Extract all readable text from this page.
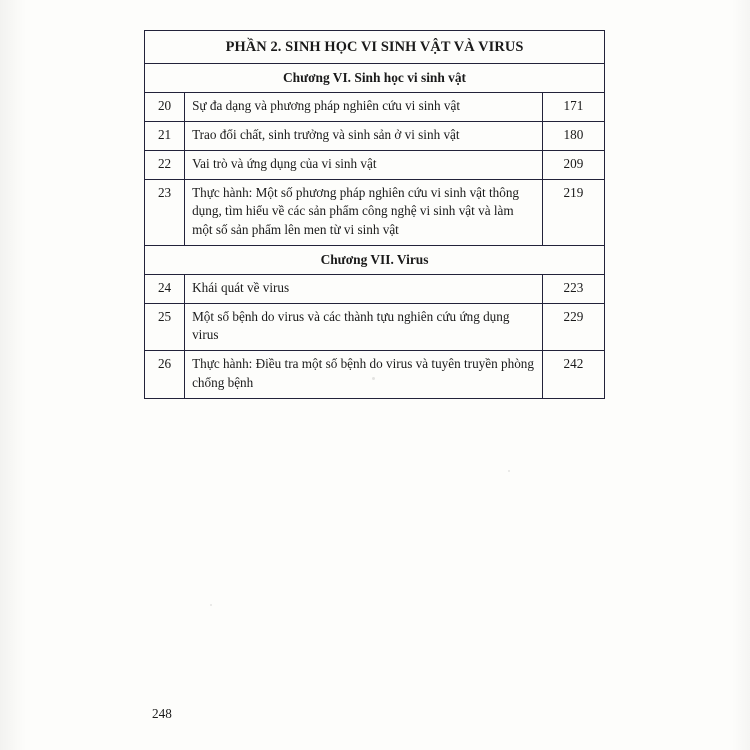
PHẦN 2. SINH HỌC VI SINH VẬT VÀ VIRUS		
Chương VI. Sinh học vi sinh vật		
20	Sự đa dạng và phương pháp nghiên cứu vi sinh vật	171
21	Trao đổi chất, sinh trưởng và sinh sản ở vi sinh vật	180
22	Vai trò và ứng dụng của vi sinh vật	209
23	Thực hành: Một số phương pháp nghiên cứu vi sinh vật thông dụng, tìm hiểu về các sản phẩm công nghệ vi sinh vật và làm một số sản phẩm lên men từ vi sinh vật	219
Chương VII. Virus		
24	Khái quát về virus	223
25	Một số bệnh do virus và các thành tựu nghiên cứu ứng dụng virus	229
26	Thực hành: Điều tra một số bệnh do virus và tuyên truyền phòng chống bệnh	242
248
